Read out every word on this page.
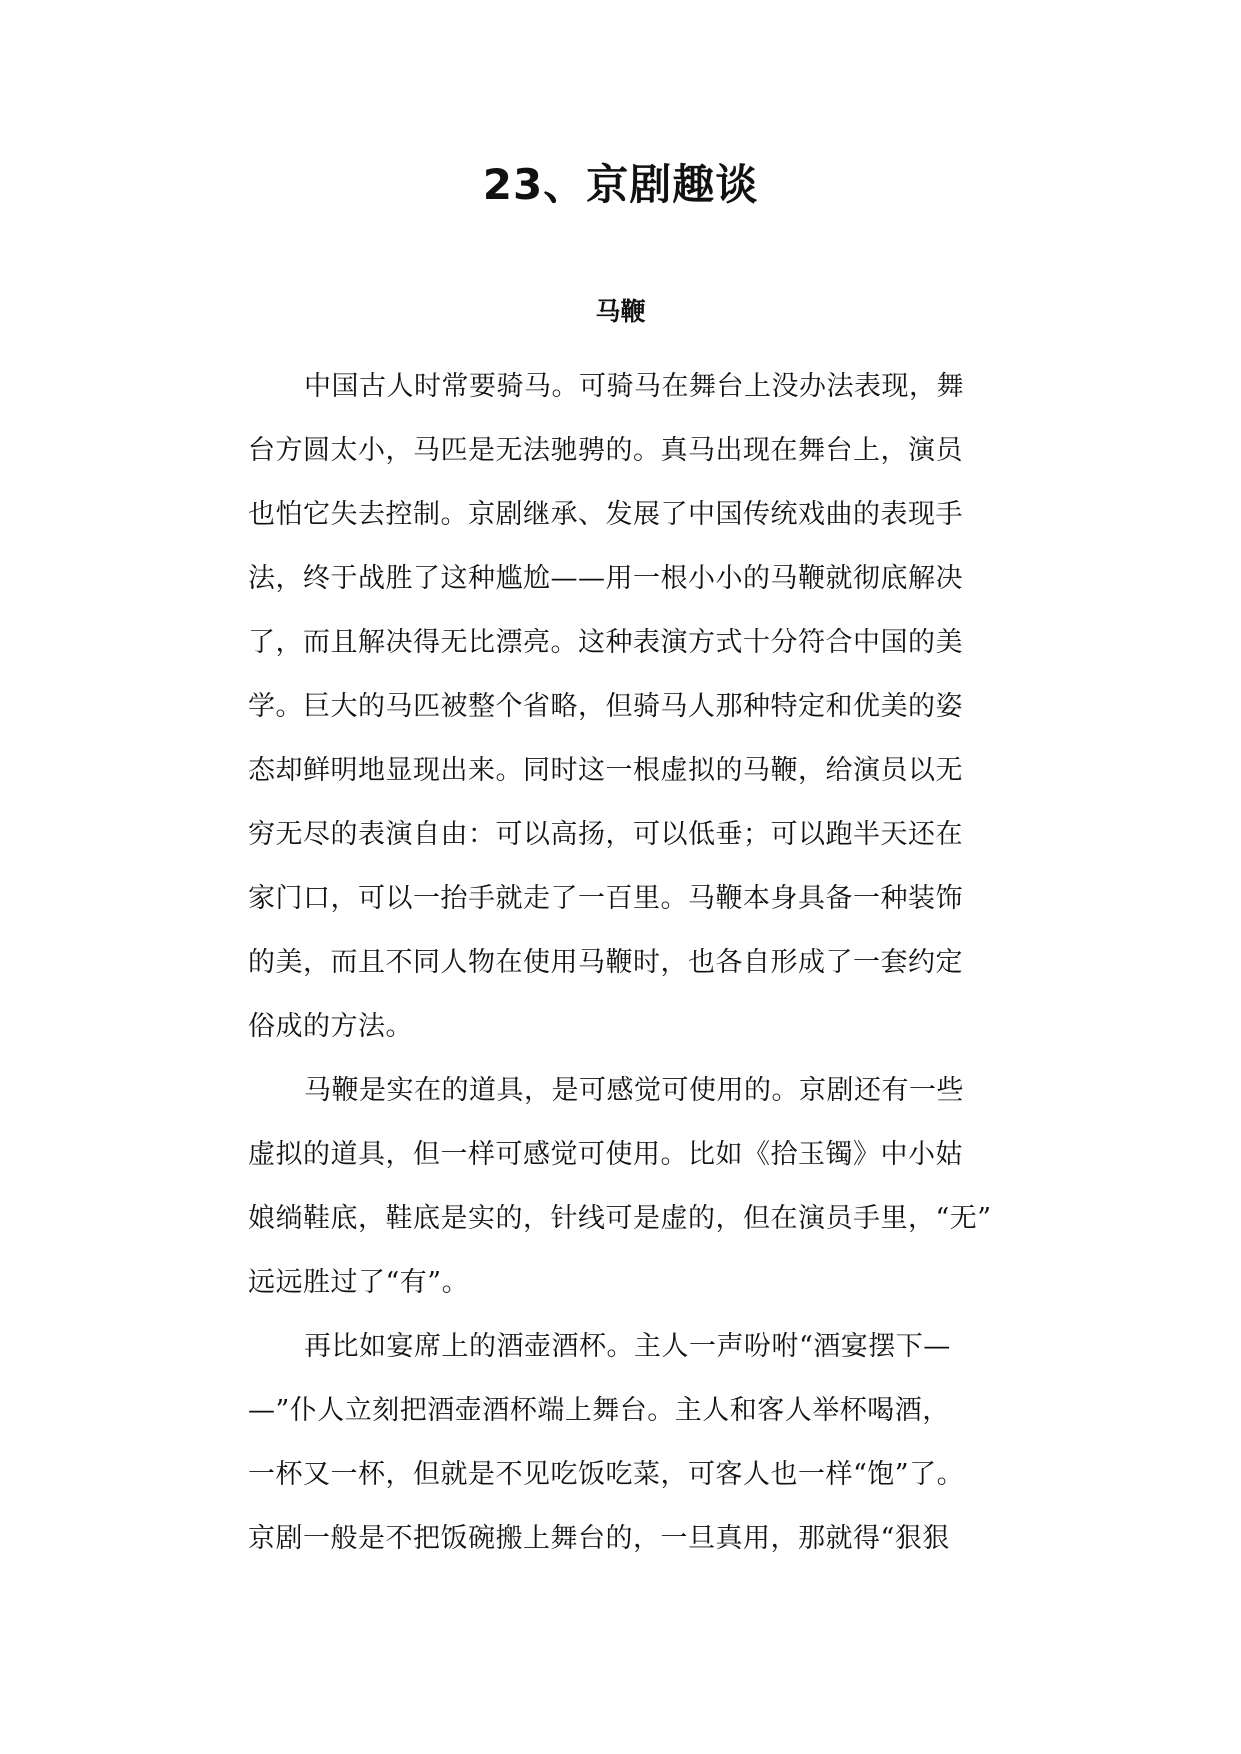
23、京剧趣谈
马鞭
中国古人时常要骑马。可骑马在舞台上没办法表现，舞
台方圆太小，马匹是无法驰骋的。真马出现在舞台上，演员
也怕它失去控制。京剧继承、发展了中国传统戏曲的表现手
法，终于战胜了这种尴尬——用一根小小的马鞭就彻底解决
了，而且解决得无比漂亮。这种表演方式十分符合中国的美
学。巨大的马匹被整个省略，但骑马人那种特定和优美的姿
态却鲜明地显现出来。同时这一根虚拟的马鞭，给演员以无
穷无尽的表演自由：可以高扬，可以低垂；可以跑半天还在
家门口，可以一抬手就走了一百里。马鞭本身具备一种装饰
的美，而且不同人物在使用马鞭时，也各自形成了一套约定
俗成的方法。
马鞭是实在的道具，是可感觉可使用的。京剧还有一些
虚拟的道具，但一样可感觉可使用。比如《拾玉镯》中小姑
娘绱鞋底，鞋底是实的，针线可是虚的，但在演员手里，“无”
远远胜过了“有”。
再比如宴席上的酒壶酒杯。主人一声吩咐“酒宴摆下—
—”仆人立刻把酒壶酒杯端上舞台。主人和客人举杯喝酒，
一杯又一杯，但就是不见吃饭吃菜，可客人也一样“饱”了。
京剧一般是不把饭碗搬上舞台的，一旦真用，那就得“狠狠
